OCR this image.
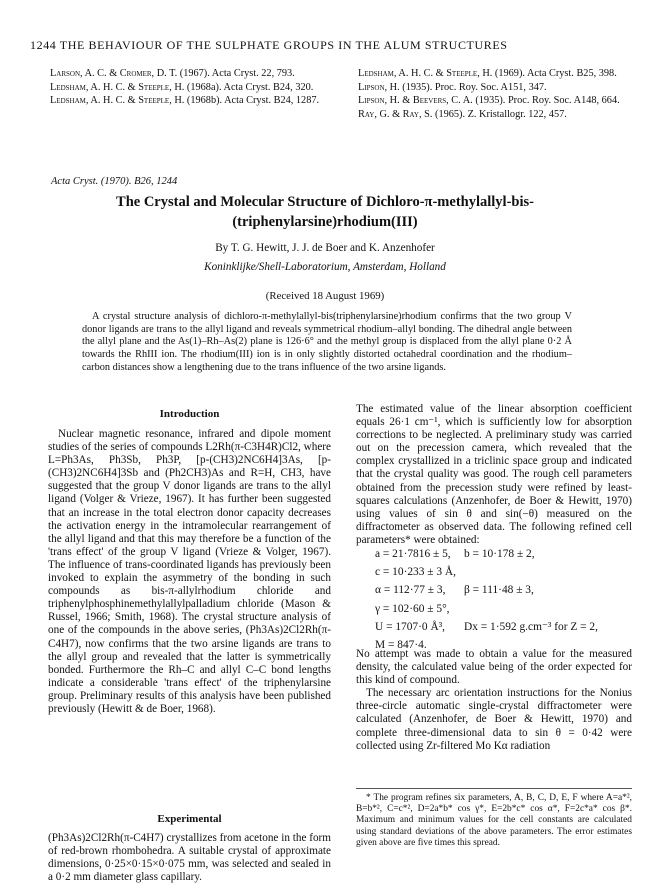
1244 THE BEHAVIOUR OF THE SULPHATE GROUPS IN THE ALUM STRUCTURES
Larson, A. C. & Cromer, D. T. (1967). Acta Cryst. 22, 793.
Ledsham, A. H. C. & Steeple, H. (1968a). Acta Cryst. B24, 320.
Ledsham, A. H. C. & Steeple, H. (1968b). Acta Cryst. B24, 1287.
Ledsham, A. H. C. & Steeple, H. (1969). Acta Cryst. B25, 398.
Lipson, H. (1935). Proc. Roy. Soc. A151, 347.
Lipson, H. & Beevers, C. A. (1935). Proc. Roy. Soc. A148, 664.
Ray, G. & Ray, S. (1965). Z. Kristallogr. 122, 457.
Acta Cryst. (1970). B26, 1244
The Crystal and Molecular Structure of Dichloro-π-methylallyl-bis-(triphenylarsine)rhodium(III)
By T. G. Hewitt, J. J. de Boer and K. Anzenhofer
Koninklijke/Shell-Laboratorium, Amsterdam, Holland
(Received 18 August 1969)
A crystal structure analysis of dichloro-π-methylallyl-bis(triphenylarsine)rhodium confirms that the two group V donor ligands are trans to the allyl ligand and reveals symmetrical rhodium–allyl bonding. The dihedral angle between the allyl plane and the As(1)–Rh–As(2) plane is 126·6° and the methyl group is displaced from the allyl plane 0·2 Å towards the RhIII ion. The rhodium(III) ion is in only slightly distorted octahedral coordination and the rhodium–carbon distances show a lengthening due to the trans influence of the two arsine ligands.
Introduction

Nuclear magnetic resonance, infrared and dipole moment studies of the series of compounds L2Rh(π-C3H4R)Cl2, where L=Ph3As, Ph3Sb, Ph3P, [p-(CH3)2NC6H4]3As, [p-(CH3)2NC6H4]3Sb and (Ph2CH3)As and R=H, CH3, have suggested that the group V donor ligands are trans to the allyl ligand (Volger & Vrieze, 1967). It has further been suggested that an increase in the total electron donor capacity decreases the activation energy in the intramolecular rearrangement of the allyl ligand and that this may therefore be a function of the 'trans effect' of the group V ligand (Vrieze & Volger, 1967). The influence of trans-coordinated ligands has previously been invoked to explain the asymmetry of the bonding in such compounds as bis-π-allylrhodium chloride and triphenylphosphinemethylallylpalladium chloride (Mason & Russel, 1966; Smith, 1968). The crystal structure analysis of one of the compounds in the above series, (Ph3As)2Cl2Rh(π-C4H7), now confirms that the two arsine ligands are trans to the allyl group and revealed that the latter is symmetrically bonded. Furthermore the Rh–C and allyl C–C bond lengths indicate a considerable 'trans effect' of the triphenylarsine group. Preliminary results of this analysis have been published previously (Hewitt & de Boer, 1968).

Experimental

(Ph3As)2Cl2Rh(π-C4H7) crystallizes from acetone in the form of red-brown rhombohedra. A suitable crystal of approximate dimensions, 0·25×0·15×0·075 mm, was selected and sealed in a 0·2 mm diameter glass capillary.

The estimated value of the linear absorption coefficient equals 26·1 cm⁻¹, which is sufficiently low for absorption corrections to be neglected. A preliminary study was carried out on the precession camera, which revealed that the complex crystallized in a triclinic space group and indicated that the crystal quality was good. The rough cell parameters obtained from the precession study were refined by least-squares calculations (Anzenhofer, de Boer & Hewitt, 1970) using values of sin θ and sin(−θ) measured on the diffractometer as observed data. The following refined cell parameters* were obtained:

a = 21·7816 ± 5,	b = 10·178 ± 2,
c = 10·233 ± 3 Å,	
α = 112·77 ± 3,	β = 111·48 ± 3,
γ = 102·60 ± 5°,	
U = 1707·0 Å³,	Dx = 1·592 g.cm⁻³ for Z = 2,
M = 847·4.	

No attempt was made to obtain a value for the measured density, the calculated value being of the order expected for this kind of compound.

The necessary arc orientation instructions for the Nonius three-circle automatic single-crystal diffractometer were calculated (Anzenhofer, de Boer & Hewitt, 1970) and complete three-dimensional data to sin θ = 0·42 were collected using Zr-filtered Mo Kα radiation

* The program refines six parameters, A, B, C, D, E, F where A=a*², B=b*², C=c*², D=2a*b* cos γ*, E=2b*c* cos α*, F=2c*a* cos β*. Maximum and minimum values for the cell constants are calculated using standard deviations of the above parameters. The error estimates given above are five times this spread.
